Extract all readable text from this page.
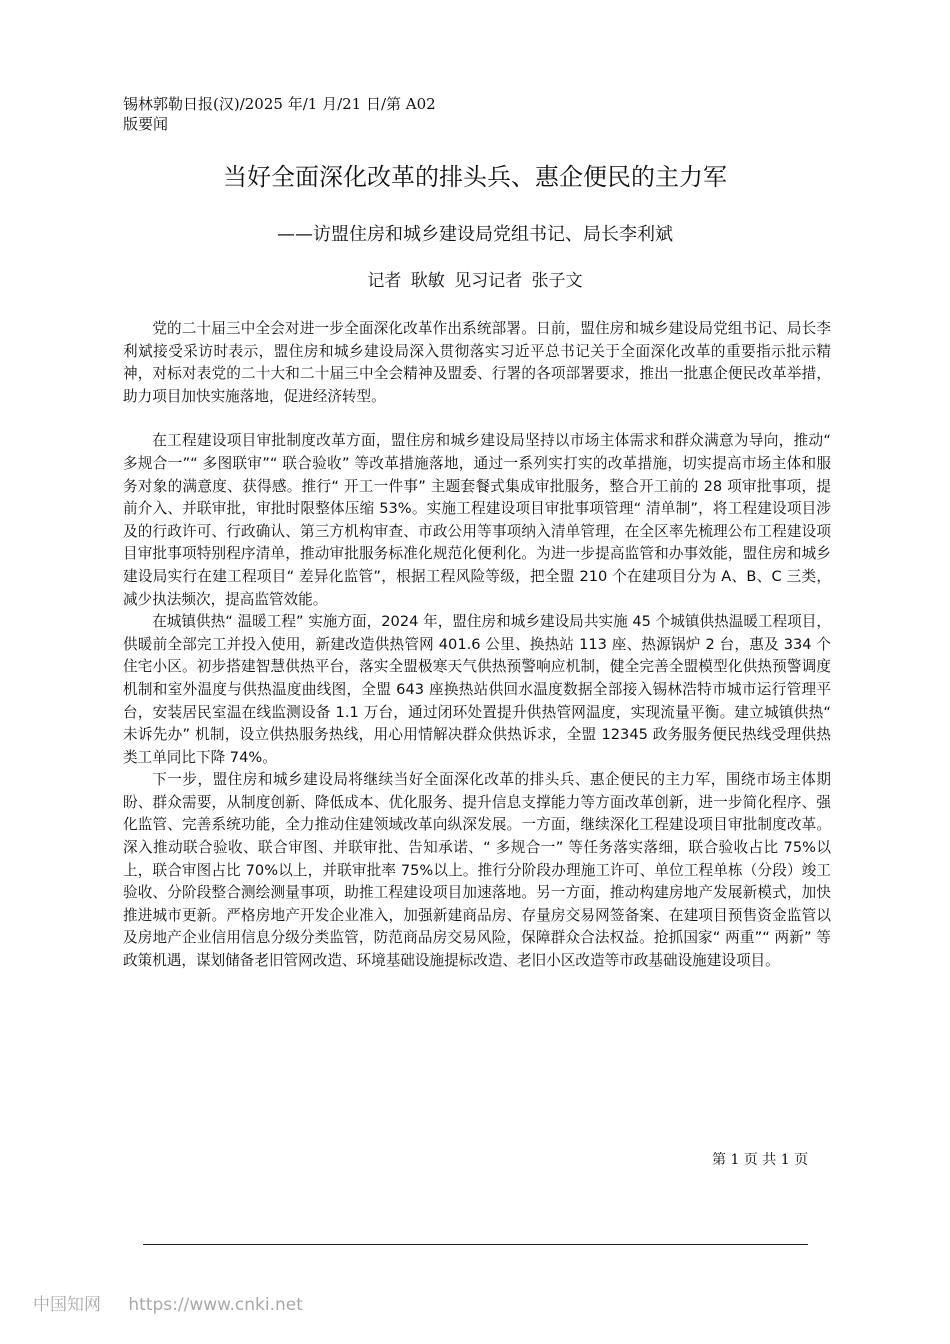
锡林郭勒日报(汉)/2025 年/1 月/21 日/第 A02
版要闻
当好全面深化改革的排头兵、惠企便民的主力军
——访盟住房和城乡建设局党组书记、局长李利斌
记者 耿敏 见习记者 张子文

党的二十届三中全会对进一步全面深化改革作出系统部署。日前，盟住房和城乡建设局党组书记、局长李利斌接受采访时表示，盟住房和城乡建设局深入贯彻落实习近平总书记关于全面深化改革的重要指示批示精神，对标对表党的二十大和二十届三中全会精神及盟委、行署的各项部署要求，推出一批惠企便民改革举措，助力项目加快实施落地，促进经济转型。

在工程建设项目审批制度改革方面，盟住房和城乡建设局坚持以市场主体需求和群众满意为导向，推动“ 多规合一”“ 多图联审”“ 联合验收” 等改革措施落地，通过一系列实打实的改革措施，切实提高市场主体和服务对象的满意度、获得感。推行“ 开工一件事” 主题套餐式集成审批服务，整合开工前的 28 项审批事项，提前介入、并联审批，审批时限整体压缩 53%。实施工程建设项目审批事项管理“ 清单制”，将工程建设项目涉及的行政许可、行政确认、第三方机构审查、市政公用等事项纳入清单管理，在全区率先梳理公布工程建设项目审批事项特别程序清单，推动审批服务标准化规范化便利化。为进一步提高监管和办事效能，盟住房和城乡建设局实行在建工程项目“ 差异化监管”，根据工程风险等级，把全盟 210 个在建项目分为 A、B、C 三类，减少执法频次，提高监管效能。

在城镇供热“ 温暖工程” 实施方面，2024 年，盟住房和城乡建设局共实施 45 个城镇供热温暖工程项目，供暖前全部完工并投入使用，新建改造供热管网 401.6 公里、换热站 113 座、热源锅炉 2 台，惠及 334 个住宅小区。初步搭建智慧供热平台，落实全盟极寒天气供热预警响应机制，健全完善全盟模型化供热预警调度机制和室外温度与供热温度曲线图，全盟 643 座换热站供回水温度数据全部接入锡林浩特市城市运行管理平台，安装居民室温在线监测设备 1.1 万台，通过闭环处置提升供热管网温度，实现流量平衡。建立城镇供热“ 未诉先办” 机制，设立供热服务热线，用心用情解决群众供热诉求，全盟 12345 政务服务便民热线受理供热类工单同比下降 74%。

下一步，盟住房和城乡建设局将继续当好全面深化改革的排头兵、惠企便民的主力军，围绕市场主体期盼、群众需要，从制度创新、降低成本、优化服务、提升信息支撑能力等方面改革创新，进一步简化程序、强化监管、完善系统功能，全力推动住建领域改革向纵深发展。一方面，继续深化工程建设项目审批制度改革。深入推动联合验收、联合审图、并联审批、告知承诺、“ 多规合一” 等任务落实落细，联合验收占比 75%以上，联合审图占比 70%以上，并联审批率 75%以上。推行分阶段办理施工许可、单位工程单栋（分段）竣工验收、分阶段整合测绘测量事项，助推工程建设项目加速落地。另一方面，推动构建房地产发展新模式，加快推进城市更新。严格房地产开发企业准入，加强新建商品房、存量房交易网签备案、在建项目预售资金监管以及房地产企业信用信息分级分类监管，防范商品房交易风险，保障群众合法权益。抢抓国家“ 两重”“ 两新” 等政策机遇，谋划储备老旧管网改造、环境基础设施提标改造、老旧小区改造等市政基础设施建设项目。

第 1 页 共 1 页
中国知网 https://www.cnki.net
